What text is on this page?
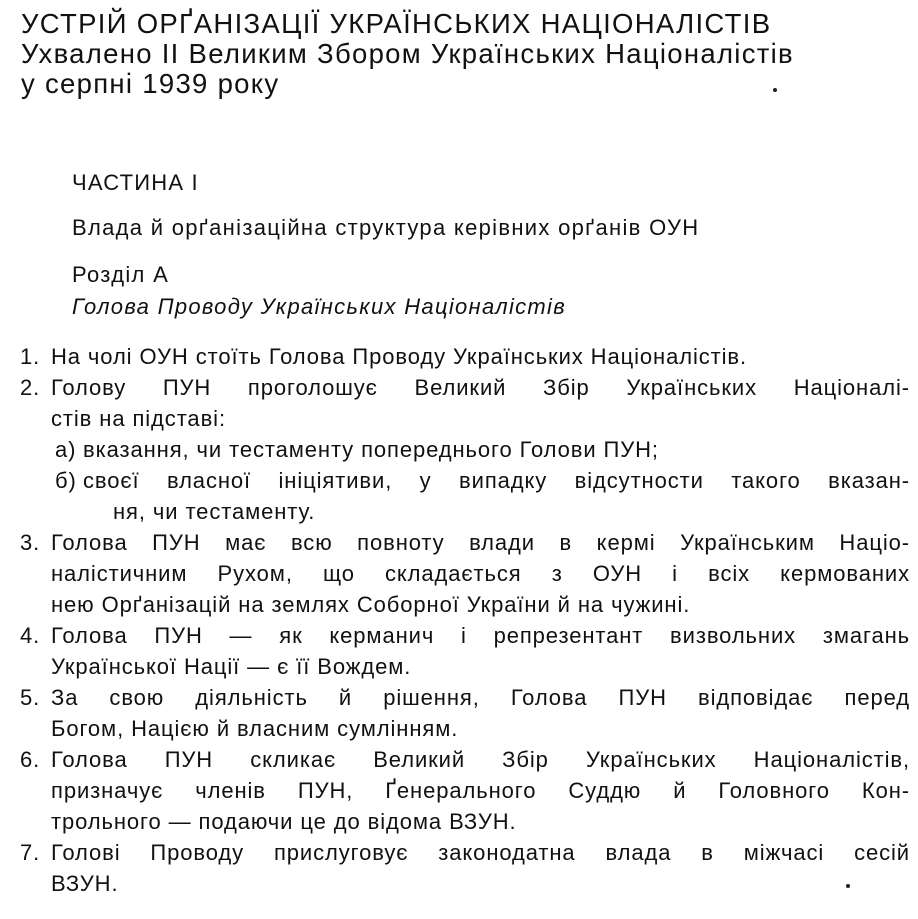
УСТРІЙ ОРҐАНІЗАЦІЇ УКРАЇНСЬКИХ НАЦІОНАЛІСТІВ
Ухвалено II Великим Збором Українських Націоналістів
у серпні 1939 року
ЧАСТИНА І
Влада й орґанізаційна структура керівних орґанів ОУН
Розділ А
Голова Проводу Українських Націоналістів
1. На чолі ОУН стоїть Голова Проводу Українських Націоналістів.
2. Голову ПУН проголошує Великий Збір Українських Націоналі-
стів на підставі:
а) вказання, чи тестаменту попереднього Голови ПУН;
б) своєї власної ініціятиви, у випадку відсутности такого вказан-
ня, чи тестаменту.
3. Голова ПУН має всю повноту влади в кермі Українським Націо-
налістичним Рухом, що складається з ОУН і всіх кермованих
нею Орґанізацій на землях Соборної України й на чужині.
4. Голова ПУН — як керманич і репрезентант визвольних змагань
Української Нації — є її Вождем.
5. За свою діяльність й рішення, Голова ПУН відповідає перед
Богом, Нацією й власним сумлінням.
6. Голова ПУН скликає Великий Збір Українських Націоналістів,
призначує членів ПУН, Ґенерального Суддю й Головного Кон-
трольного — подаючи це до відома ВЗУН.
7. Голові Проводу прислуговує законодатна влада в міжчасі сесій
ВЗУН.
